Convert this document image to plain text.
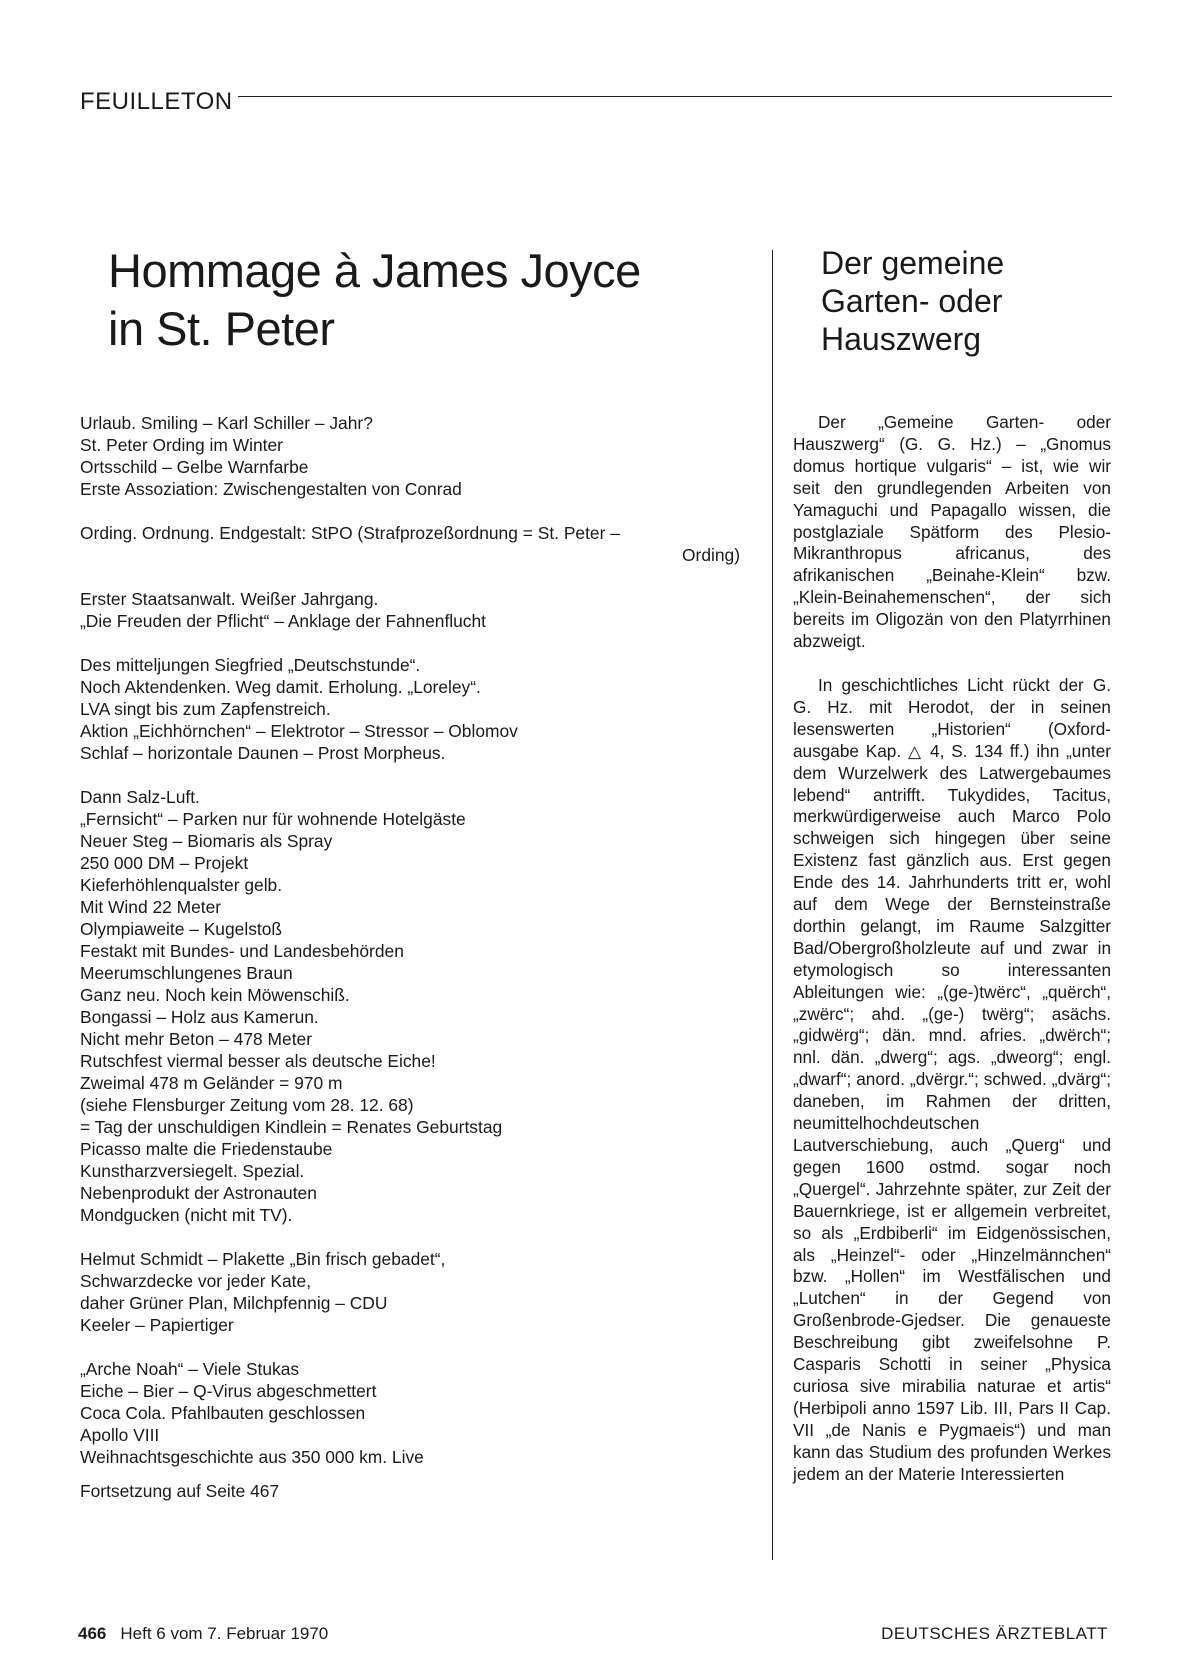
FEUILLETON
Hommage à James Joyce
in St. Peter
Urlaub. Smiling – Karl Schiller – Jahr?
St. Peter Ording im Winter
Ortsschild – Gelbe Warnfarbe
Erste Assoziation: Zwischengestalten von Conrad
Ording. Ordnung. Endgestalt: StPO (Strafprozeßordnung = St. Peter –
Ording)
Erster Staatsanwalt. Weißer Jahrgang.
„Die Freuden der Pflicht“ – Anklage der Fahnenflucht
Des mitteljungen Siegfried „Deutschstunde“.
Noch Aktendenken. Weg damit. Erholung. „Loreley“.
LVA singt bis zum Zapfenstreich.
Aktion „Eichhörnchen“ – Elektrotor – Stressor – Oblomov
Schlaf – horizontale Daunen – Prost Morpheus.
Dann Salz-Luft.
„Fernsicht“ – Parken nur für wohnende Hotelgäste
Neuer Steg – Biomaris als Spray
250 000 DM – Projekt
Kieferhöhlenqualster gelb.
Mit Wind 22 Meter
Olympiaweite – Kugelstoß
Festakt mit Bundes- und Landesbehörden
Meerumschlungenes Braun
Ganz neu. Noch kein Möwenschiß.
Bongassi – Holz aus Kamerun.
Nicht mehr Beton – 478 Meter
Rutschfest viermal besser als deutsche Eiche!
Zweimal 478 m Geländer = 970 m
(siehe Flensburger Zeitung vom 28. 12. 68)
= Tag der unschuldigen Kindlein = Renates Geburtstag
Picasso malte die Friedenstaube
Kunstharzversiegelt. Spezial.
Nebenprodukt der Astronauten
Mondgucken (nicht mit TV).
Helmut Schmidt – Plakette „Bin frisch gebadet“,
Schwarzdecke vor jeder Kate,
daher Grüner Plan, Milchpfennig – CDU
Keeler – Papiertiger
„Arche Noah“ – Viele Stukas
Eiche – Bier – Q-Virus abgeschmettert
Coca Cola. Pfahlbauten geschlossen
Apollo VIII
Weihnachtsgeschichte aus 350 000 km. Live
Fortsetzung auf Seite 467
Der gemeine
Garten- oder
Hauszwerg

Der „Gemeine Garten- oder Hauszwerg“ (G. G. Hz.) – „Gnomus domus hortique vulgaris“ – ist, wie wir seit den grundlegenden Arbeiten von Yamaguchi und Papagallo wissen, die postglaziale Spätform des Plesio-Mikranthropus africanus, des afrikanischen „Beinahe-Klein“ bzw. „Klein-Beinahemenschen“, der sich bereits im Oligozän von den Platyrrhinen abzweigt.

In geschichtliches Licht rückt der G. G. Hz. mit Herodot, der in seinen lesenswerten „Historien“ (Oxford-ausgabe Kap. △ 4, S. 134 ff.) ihn „unter dem Wurzelwerk des Latwergebaumes lebend“ antrifft. Tukydides, Tacitus, merkwürdigerweise auch Marco Polo schweigen sich hingegen über seine Existenz fast gänzlich aus. Erst gegen Ende des 14. Jahrhunderts tritt er, wohl auf dem Wege der Bernsteinstraße dorthin gelangt, im Raume Salzgitter Bad/Obergroßholzleute auf und zwar in etymologisch so interessanten Ableitungen wie: „(ge-)twërc“, „quërch“, „zwërc“; ahd. „(ge-) twërg“; asächs. „gidwërg“; dän. mnd. afries. „dwërch“; nnl. dän. „dwerg“; ags. „dweorg“; engl. „dwarf“; anord. „dvërgr.“; schwed. „dvärg“; daneben, im Rahmen der dritten, neumittelhochdeutschen Lautverschiebung, auch „Querg“ und gegen 1600 ostmd. sogar noch „Quergel“. Jahrzehnte später, zur Zeit der Bauernkriege, ist er allgemein verbreitet, so als „Erdbiberli“ im Eidgenössischen, als „Heinzel“- oder „Hinzelmännchen“ bzw. „Hollen“ im Westfälischen und „Lutchen“ in der Gegend von Großenbrode-Gjedser. Die genaueste Beschreibung gibt zweifelsohne P. Casparis Schotti in seiner „Physica curiosa sive mirabilia naturae et artis“ (Herbipoli anno 1597 Lib. III, Pars II Cap. VII „de Nanis e Pygmaeis“) und man kann das Studium des profunden Werkes jedem an der Materie Interessierten

466 Heft 6 vom 7. Februar 1970	DEUTSCHES ÄRZTEBLATT
